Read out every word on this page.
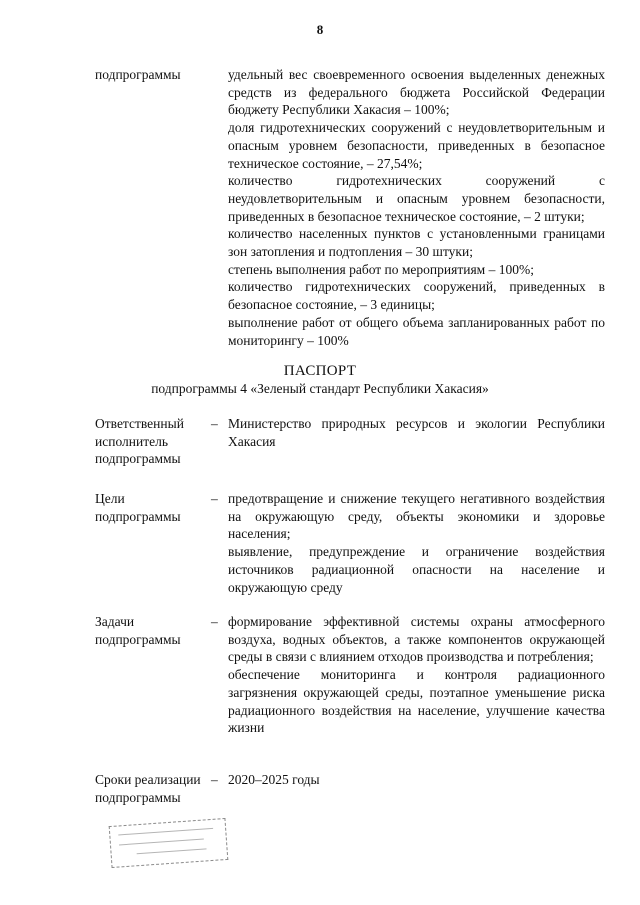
8
подпрограммы	удельный вес своевременного освоения выделенных денежных средств из федерального бюджета Российской Федерации бюджету Республики Хакасия – 100%;

доля гидротехнических сооружений с неудовлетворительным и опасным уровнем безопасности, приведенных в безопасное техническое состояние, – 27,54%;

количество гидротехнических сооружений с неудовлетворительным и опасным уровнем безопасности, приведенных в безопасное техническое состояние, – 2 штуки;

количество населенных пунктов с установленными границами зон затопления и подтопления – 30 штуки;

степень выполнения работ по мероприятиям – 100%;

количество гидротехнических сооружений, приведенных в безопасное состояние, – 3 единицы;

выполнение работ от общего объема запланированных работ по мониторингу – 100%

ПАСПОРТ
подпрограммы 4 «Зеленый стандарт Республики Хакасия»
Ответственный исполнитель подпрограммы
– Министерство природных ресурсов и экологии Республики Хакасия

Цели подпрограммы
– предотвращение и снижение текущего негативного воздействия на окружающую среду, объекты экономики и здоровье населения;

выявление, предупреждение и ограничение воздействия источников радиационной опасности на население и окружающую среду

Задачи подпрограммы
– формирование эффективной системы охраны атмосферного воздуха, водных объектов, а также компонентов окружающей среды в связи с влиянием отходов производства и потребления;

обеспечение мониторинга и контроля радиационного загрязнения окружающей среды, поэтапное уменьшение риска радиационного воздействия на население, улучшение качества жизни

Сроки реализации подпрограммы
– 2020–2025 годы
